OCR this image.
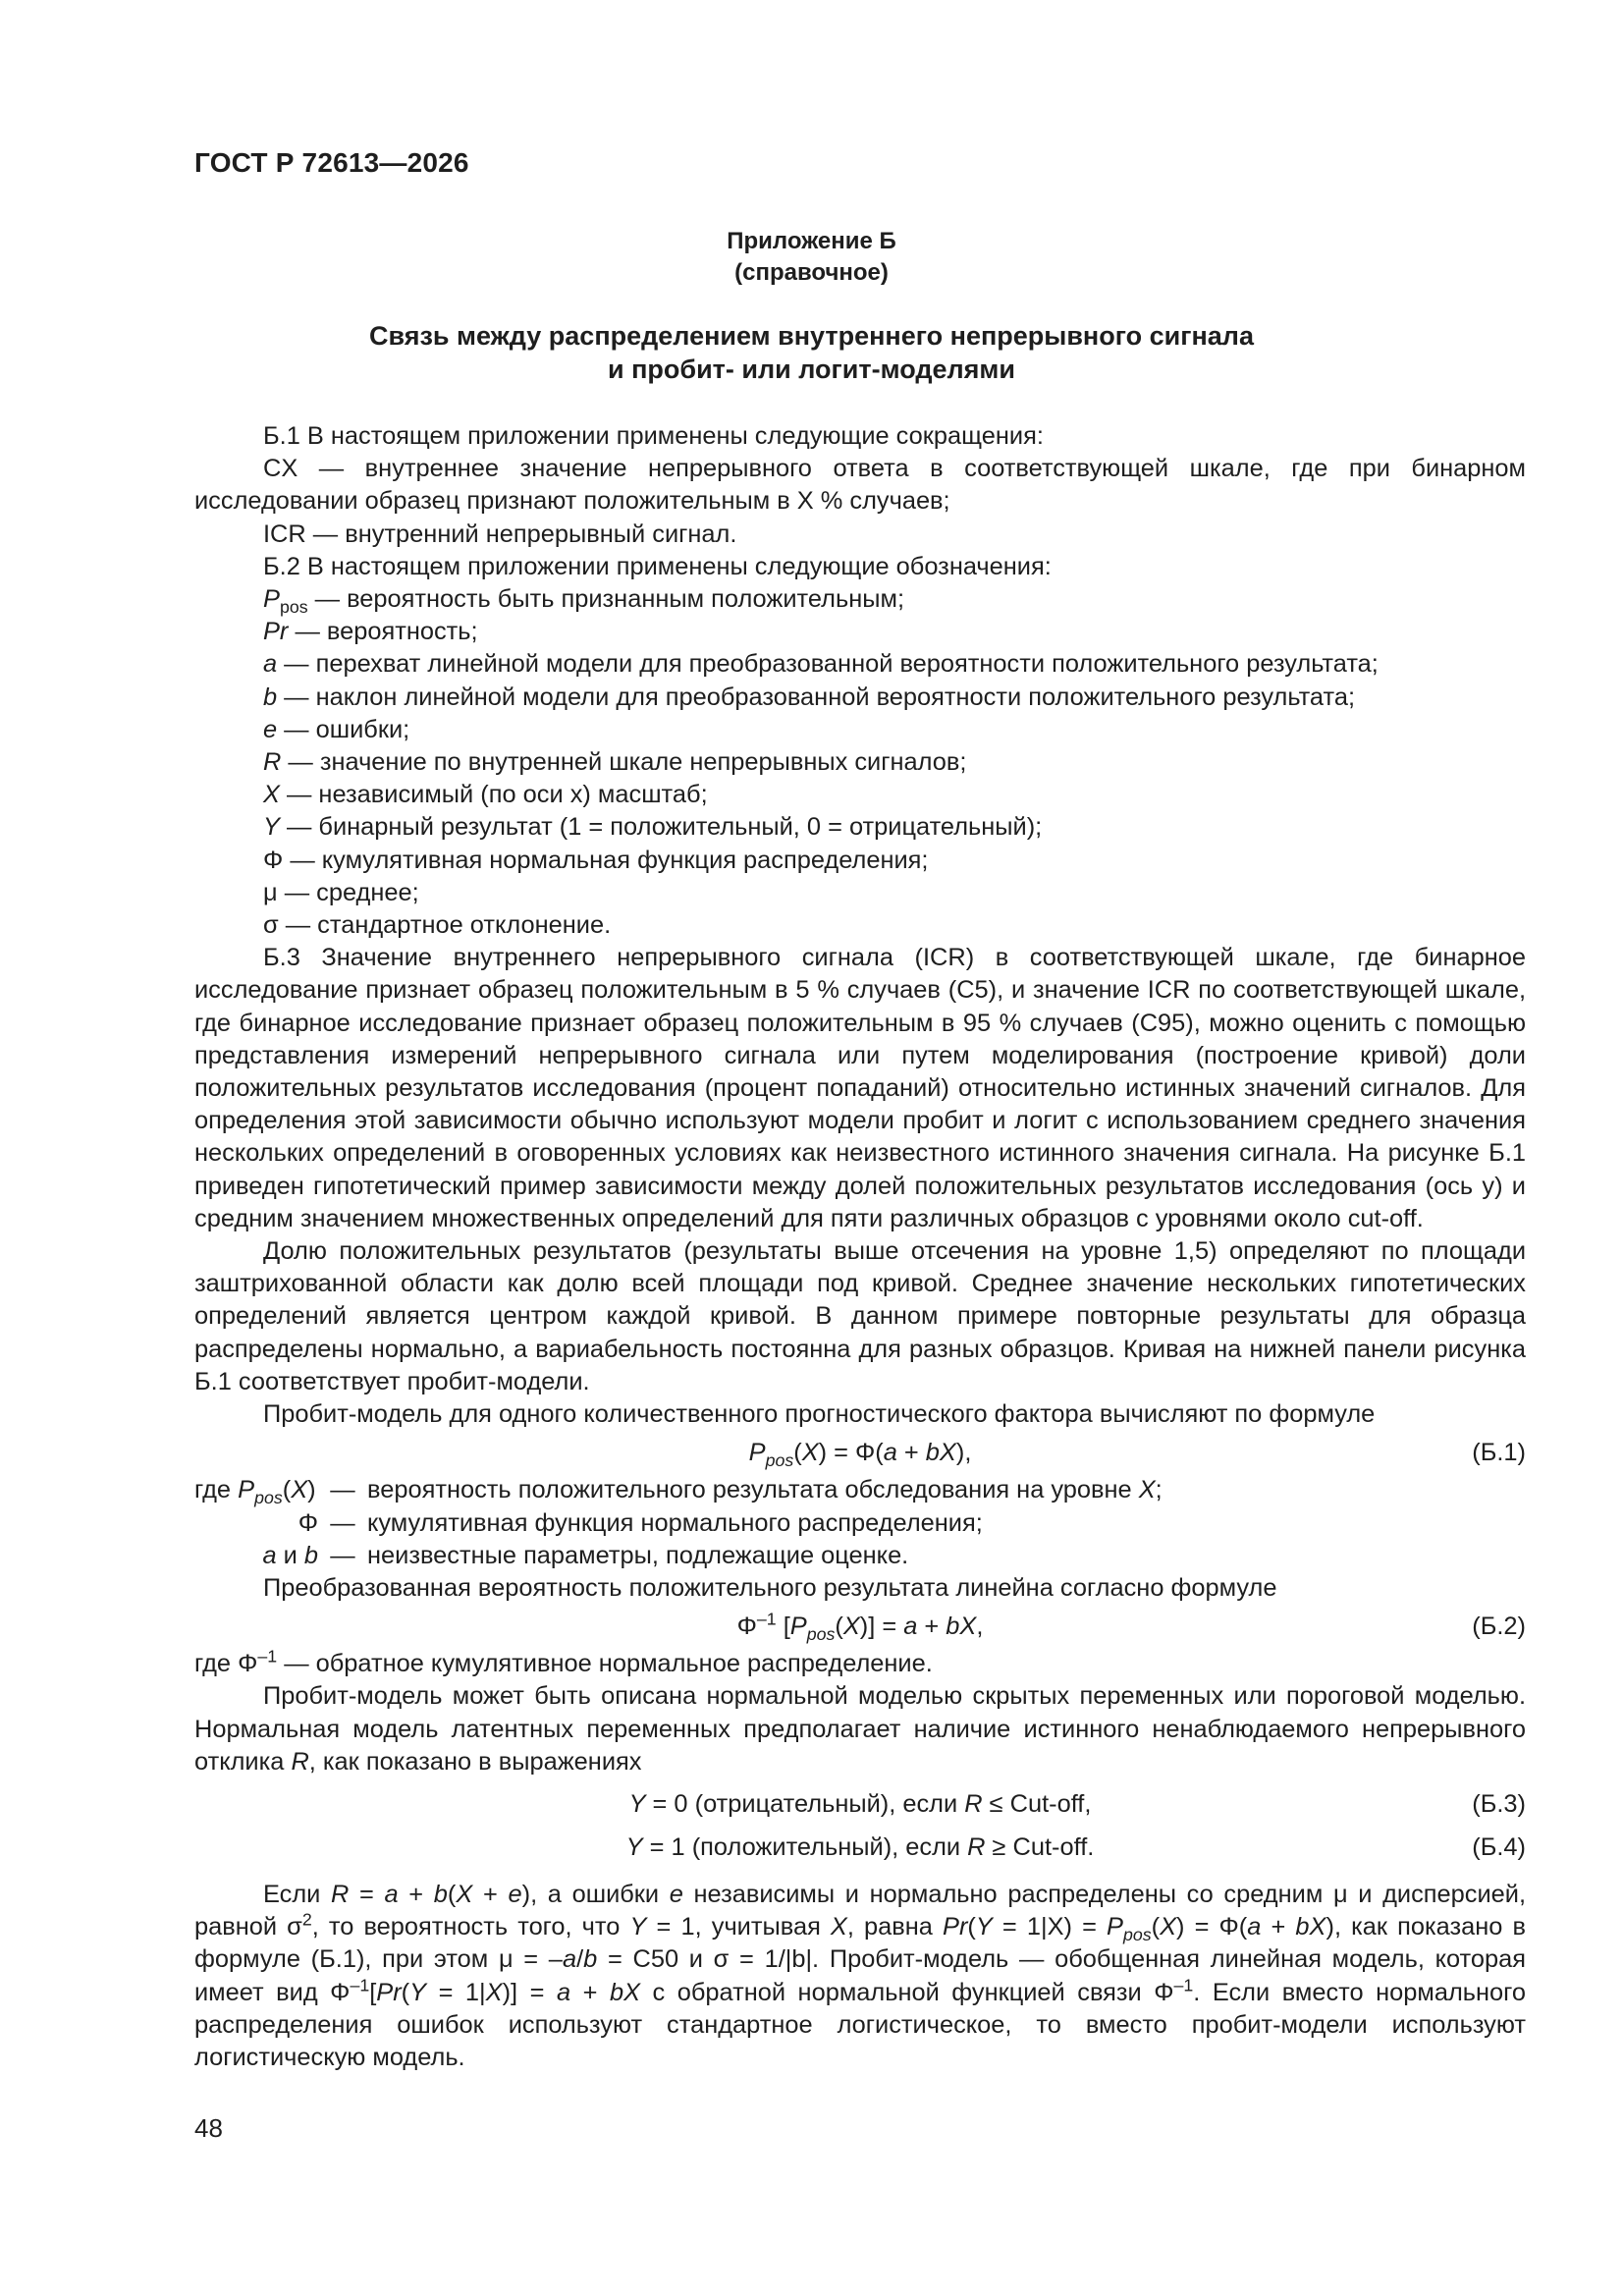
ГОСТ Р 72613—2026
Приложение Б
(справочное)
Связь между распределением внутреннего непрерывного сигнала
и пробит- или логит-моделями

Б.1 В настоящем приложении применены следующие сокращения:

CX — внутреннее значение непрерывного ответа в соответствующей шкале, где при бинарном исследовании образец признают положительным в X % случаев;

ICR — внутренний непрерывный сигнал.

Б.2 В настоящем приложении применены следующие обозначения:

$P_{pos}$ — вероятность быть признанным положительным;

Pr — вероятность;

a — перехват линейной модели для преобразованной вероятности положительного результата;

b — наклон линейной модели для преобразованной вероятности положительного результата;

e — ошибки;

R — значение по внутренней шкале непрерывных сигналов;

X — независимый (по оси x) масштаб;

Y — бинарный результат (1 = положительный, 0 = отрицательный);

Φ — кумулятивная нормальная функция распределения;

μ — среднее;

σ — стандартное отклонение.

Б.3 Значение внутреннего непрерывного сигнала (ICR) в соответствующей шкале, где бинарное исследование признает образец положительным в 5 % случаев (С5), и значение ICR по соответствующей шкале, где бинарное исследование признает образец положительным в 95 % случаев (С95), можно оценить с помощью представления измерений непрерывного сигнала или путем моделирования (построение кривой) доли положительных результатов исследования (процент попаданий) относительно истинных значений сигналов. Для определения этой зависимости обычно используют модели пробит и логит с использованием среднего значения нескольких определений в оговоренных условиях как неизвестного истинного значения сигнала. На рисунке Б.1 приведен гипотетический пример зависимости между долей положительных результатов исследования (ось y) и средним значением множественных определений для пяти различных образцов с уровнями около cut-off.

Долю положительных результатов (результаты выше отсечения на уровне 1,5) определяют по площади заштрихованной области как долю всей площади под кривой. Среднее значение нескольких гипотетических определений является центром каждой кривой. В данном примере повторные результаты для образца распределены нормально, а вариабельность постоянна для разных образцов. Кривая на нижней панели рисунка Б.1 соответствует пробит-модели.

Пробит-модель для одного количественного прогностического фактора вычисляют по формуле

$P_{pos}(X) = \Phi(a + bX)$,	(Б.1)
где $P_{pos}(X)$ — вероятность положительного результата обследования на уровне X;
Φ — кумулятивная функция нормального распределения;
a и b — неизвестные параметры, подлежащие оценке.

Преобразованная вероятность положительного результата линейна согласно формуле

$\Phi^{-1}$ $[P_{pos}(X)] = a$ + bX,	(Б.2)

где $\Phi^{-1}$ — обратное кумулятивное нормальное распределение.

Пробит-модель может быть описана нормальной моделью скрытых переменных или пороговой моделью. Нормальная модель латентных переменных предполагает наличие истинного ненаблюдаемого непрерывного отклика R, как показано в выражениях

Y = 0 (отрицательный), если R ≤ Cut-off,	(Б.3)
Y = 1 (положительный), если R ≥ Cut-off.	(Б.4)

Если R = a + b(X + e), а ошибки e независимы и нормально распределены со средним μ и дисперсией, равной $\sigma^2$, то вероятность того, что Y = 1, учитывая X, равна $Pr(Y = 1|X) = P_{pos}(X) = \Phi(a + bX)$, как показано в формуле (Б.1), при этом μ = –a/b = C50 и σ = 1/|b|. Пробит-модель — обобщенная линейная модель, которая имеет вид $\Phi^{-1}[Pr(Y = 1|X)] = a$ + bX с обратной нормальной функцией связи $\Phi^{-1}$. Если вместо нормального распределения ошибок используют стандартное логистическое, то вместо пробит-модели используют логистическую модель.

48
